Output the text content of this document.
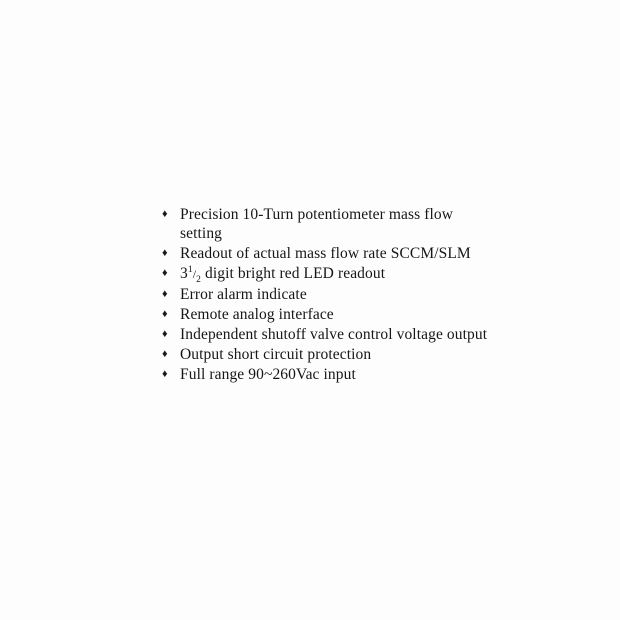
♦ Precision 10-Turn potentiometer mass flow setting
♦ Readout of actual mass flow rate SCCM/SLM
♦ $3^1/_2$ digit bright red LED readout
♦ Error alarm indicate
♦ Remote analog interface
♦ Independent shutoff valve control voltage output
♦ Output short circuit protection
♦ Full range 90~260Vac input
